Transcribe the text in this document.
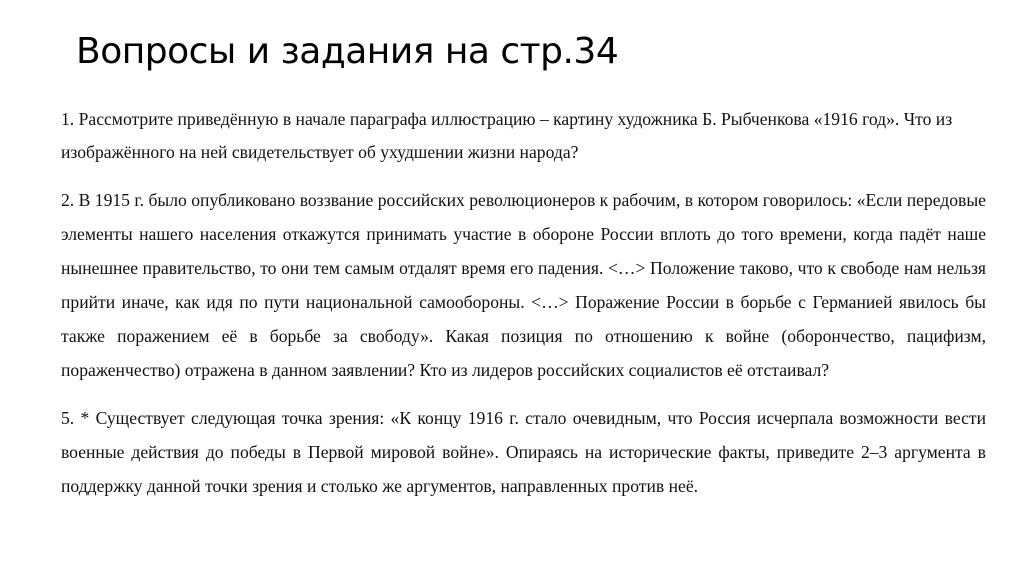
Вопросы и задания на стр.34

1. Рассмотрите приведённую в начале параграфа иллюстрацию – картину художника Б. Рыбченкова «1916 год». Что из изображённого на ней свидетельствует об ухудшении жизни народа?

2. В 1915 г. было опубликовано воззвание российских революционеров к рабочим, в котором говорилось: «Если передовые элементы нашего населения откажутся принимать участие в обороне России вплоть до того времени, когда падёт наше нынешнее правительство, то они тем самым отдалят время его падения. <…> Положение таково, что к свободе нам нельзя прийти иначе, как идя по пути национальной самообороны. <…> Поражение России в борьбе с Германией явилось бы также поражением её в борьбе за свободу». Какая позиция по отношению к войне (оборончество, пацифизм, пораженчество) отражена в данном заявлении? Кто из лидеров российских социалистов её отстаивал?

5. * Существует следующая точка зрения: «К концу 1916 г. стало очевидным, что Россия исчерпала возможности вести военные действия до победы в Первой мировой войне». Опираясь на исторические факты, приведите 2–3 аргумента в поддержку данной точки зрения и столько же аргументов, направленных против неё.
